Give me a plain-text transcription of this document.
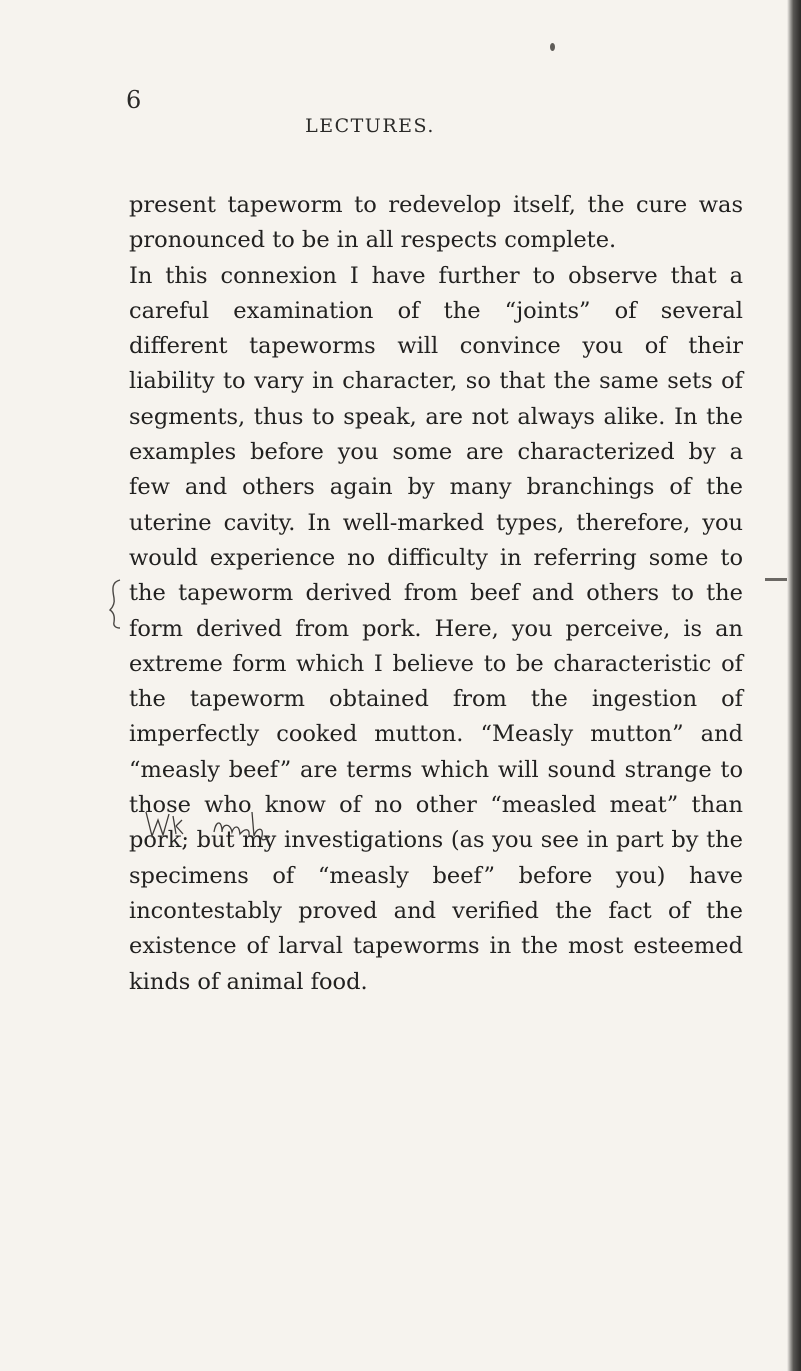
6
LECTURES.

present tapeworm to redevelop itself, the cure was pronounced to be in all respects complete.

In this connexion I have further to observe that a careful examination of the “joints” of several different tapeworms will convince you of their liability to vary in character, so that the same sets of segments, thus to speak, are not always alike. In the examples before you some are characterized by a few and others again by many branchings of the uterine cavity. In well-marked types, therefore, you would experience no difficulty in referring some to the tapeworm derived from beef and others to the form derived from pork. Here, you perceive, is an extreme form which I believe to be characteristic of the tapeworm obtained from the ingestion of imperfectly cooked mutton. “Measly mutton” and “measly beef” are terms which will sound strange to those who know of no other “measled meat” than pork; but my investigations (as you see in part by the specimens of “measly beef” before you) have incontestably proved and verified the fact of the existence of larval tapeworms in the most esteemed kinds of animal food.
